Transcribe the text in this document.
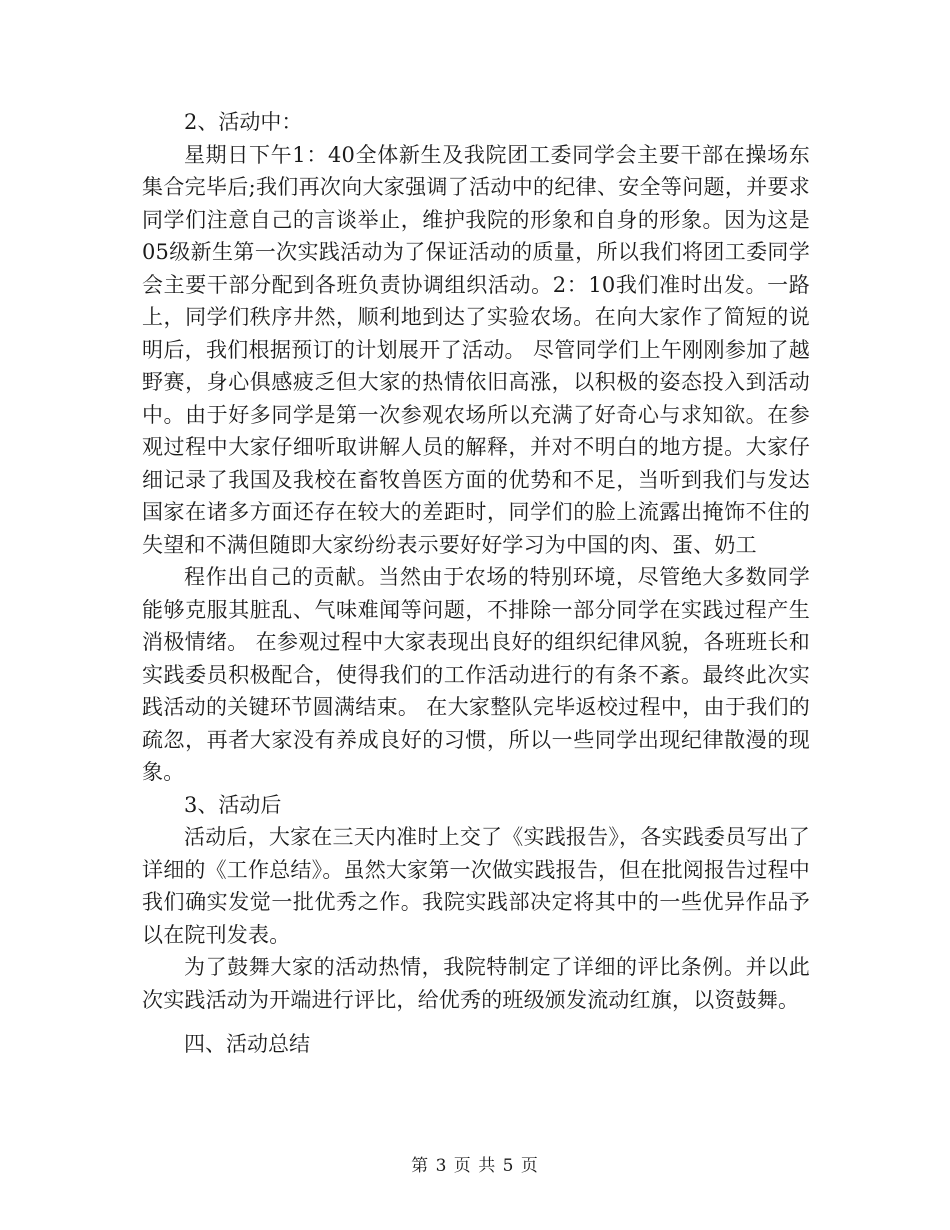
2、活动中：

星期日下午1：40全体新生及我院团工委同学会主要干部在操场东集合完毕后;我们再次向大家强调了活动中的纪律、安全等问题，并要求同学们注意自己的言谈举止，维护我院的形象和自身的形象。因为这是05级新生第一次实践活动为了保证活动的质量，所以我们将团工委同学会主要干部分配到各班负责协调组织活动。2：10我们准时出发。一路上，同学们秩序井然，顺利地到达了实验农场。在向大家作了简短的说明后，我们根据预订的计划展开了活动。 尽管同学们上午刚刚参加了越野赛，身心俱感疲乏但大家的热情依旧高涨，以积极的姿态投入到活动中。由于好多同学是第一次参观农场所以充满了好奇心与求知欲。在参观过程中大家仔细听取讲解人员的解释，并对不明白的地方提。大家仔细记录了我国及我校在畜牧兽医方面的优势和不足，当听到我们与发达国家在诸多方面还存在较大的差距时，同学们的脸上流露出掩饰不住的失望和不满但随即大家纷纷表示要好好学习为中国的肉、蛋、奶工

程作出自己的贡献。当然由于农场的特别环境，尽管绝大多数同学能够克服其脏乱、气味难闻等问题，不排除一部分同学在实践过程产生消极情绪。 在参观过程中大家表现出良好的组织纪律风貌，各班班长和实践委员积极配合，使得我们的工作活动进行的有条不紊。最终此次实践活动的关键环节圆满结束。 在大家整队完毕返校过程中，由于我们的疏忽，再者大家没有养成良好的习惯，所以一些同学出现纪律散漫的现象。

3、活动后

活动后，大家在三天内准时上交了《实践报告》，各实践委员写出了详细的《工作总结》。虽然大家第一次做实践报告，但在批阅报告过程中我们确实发觉一批优秀之作。我院实践部决定将其中的一些优异作品予以在院刊发表。

为了鼓舞大家的活动热情，我院特制定了详细的评比条例。并以此次实践活动为开端进行评比，给优秀的班级颁发流动红旗，以资鼓舞。

四、活动总结

第 3 页 共 5 页
